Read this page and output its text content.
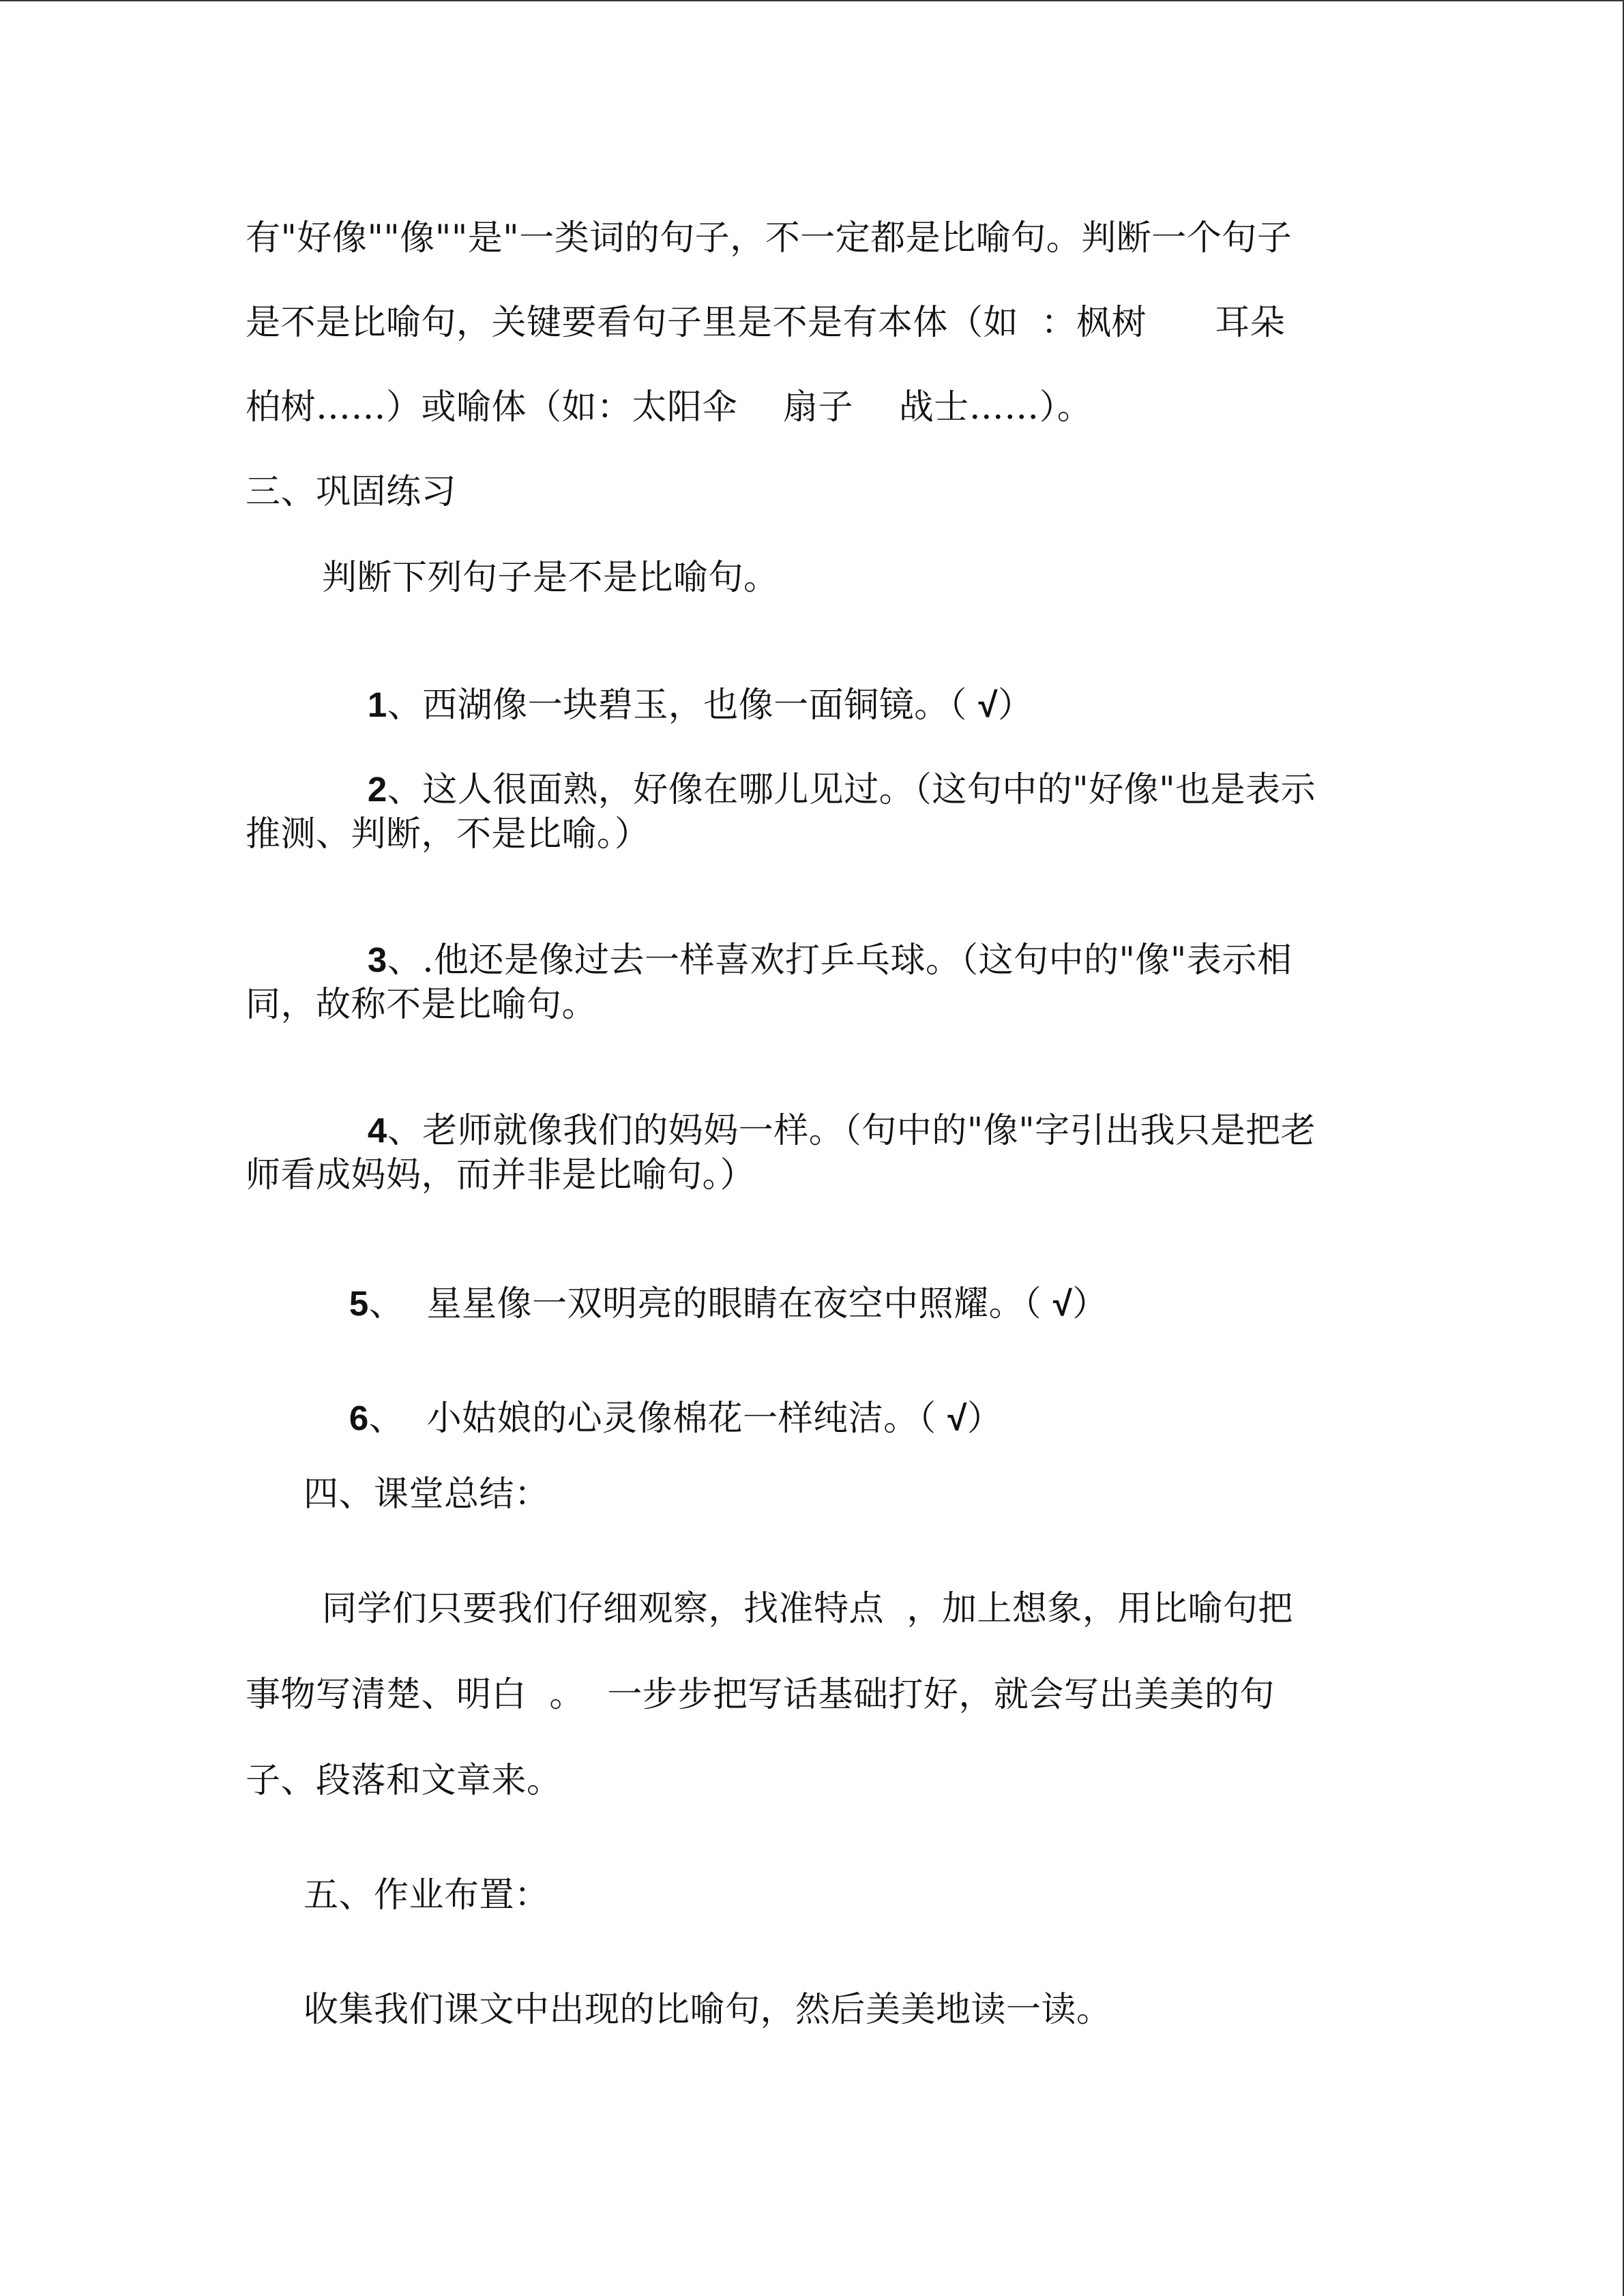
有"好像""像""是"一类词的句子，不一定都是比喻句。判断一个句子
是不是比喻句，关键要看句子里是不是有本体（如  ：枫树      耳朵
柏树……）或喻体（如：太阳伞    扇子    战士……）。
三、巩固练习
判断下列句子是不是比喻句。

1、西湖像一块碧玉，也像一面铜镜。（ √）

2、这人很面熟，好像在哪儿见过。（这句中的"好像"也是表示

推测、判断，不是比喻。）

3、.他还是像过去一样喜欢打乒乓球。（这句中的"像"表示相

同，故称不是比喻句。

4、老师就像我们的妈妈一样。（句中的"像"字引出我只是把老

师看成妈妈，而并非是比喻句。）

5、  星星像一双明亮的眼睛在夜空中照耀。（ √）

6、  小姑娘的心灵像棉花一样纯洁。（ √）

四、课堂总结：
同学们只要我们仔细观察，找准特点  ，加上想象，用比喻句把
事物写清楚、明白  。  一步步把写话基础打好，就会写出美美的句
子、段落和文章来。
五、作业布置：
收集我们课文中出现的比喻句，然后美美地读一读。
